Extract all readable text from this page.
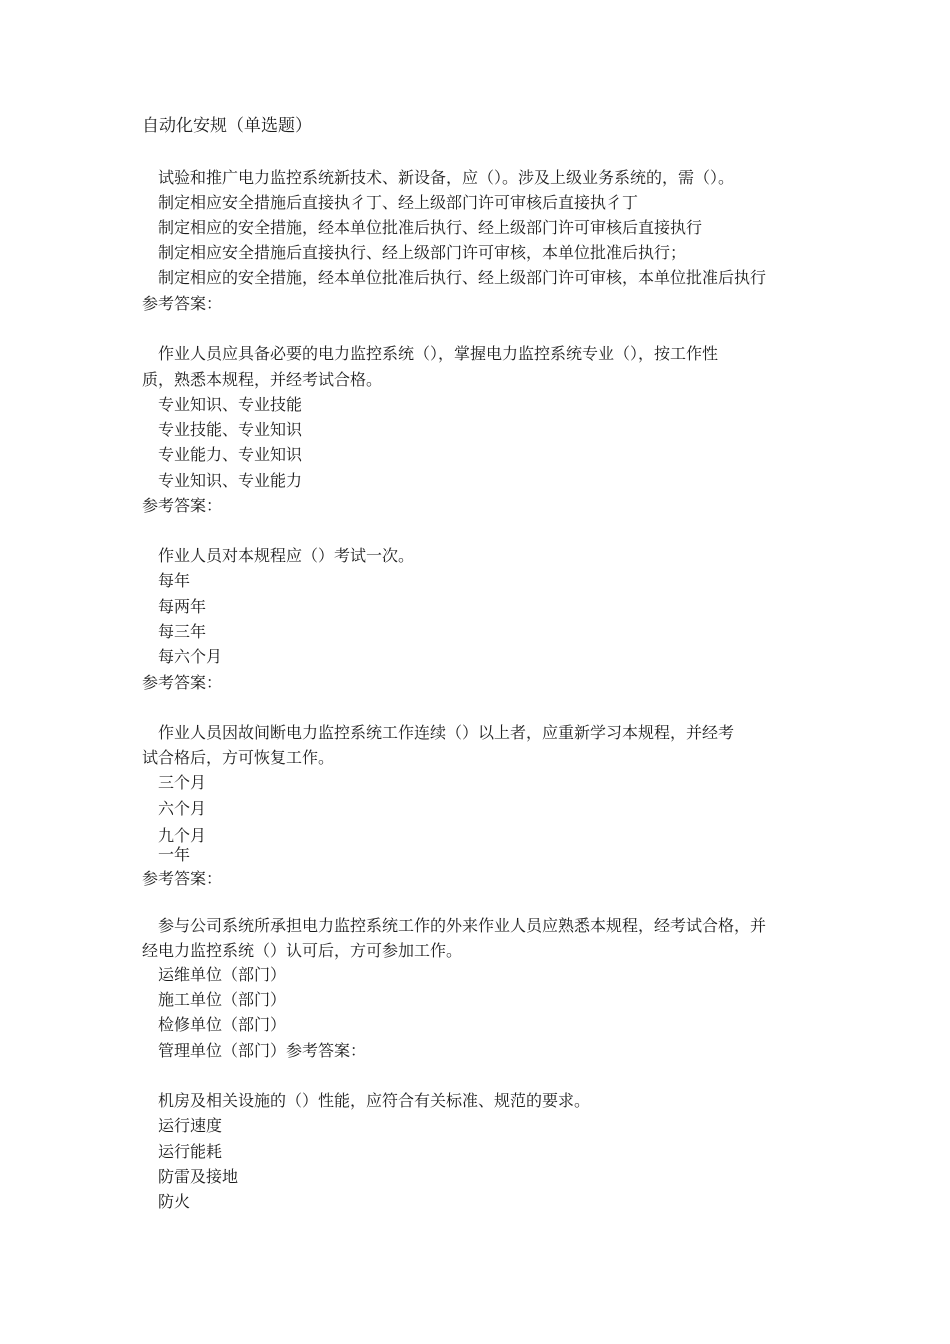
自动化安规（单选题）
试验和推广电力监控系统新技术、新设备，应（）。涉及上级业务系统的，需（）。
制定相应安全措施后直接执彳丁、经上级部门许可审核后直接执彳丁
制定相应的安全措施，经本单位批准后执行、经上级部门许可审核后直接执行
制定相应安全措施后直接执行、经上级部门许可审核，本单位批准后执行；
制定相应的安全措施，经本单位批准后执行、经上级部门许可审核，本单位批准后执行
参考答案：
作业人员应具备必要的电力监控系统（），掌握电力监控系统专业（），按工作性
质，熟悉本规程，并经考试合格。
专业知识、专业技能
专业技能、专业知识
专业能力、专业知识
专业知识、专业能力
参考答案：
作业人员对本规程应（）考试一次。
每年
每两年
每三年
每六个月
参考答案：
作业人员因故间断电力监控系统工作连续（）以上者，应重新学习本规程，并经考
试合格后，方可恢复工作。
三个月
六个月
九个月
一年
参考答案：
参与公司系统所承担电力监控系统工作的外来作业人员应熟悉本规程，经考试合格，并
经电力监控系统（）认可后，方可参加工作。
运维单位（部门）
施工单位（部门）
检修单位（部门）
管理单位（部门）参考答案：
机房及相关设施的（）性能，应符合有关标准、规范的要求。
运行速度
运行能耗
防雷及接地
防火
